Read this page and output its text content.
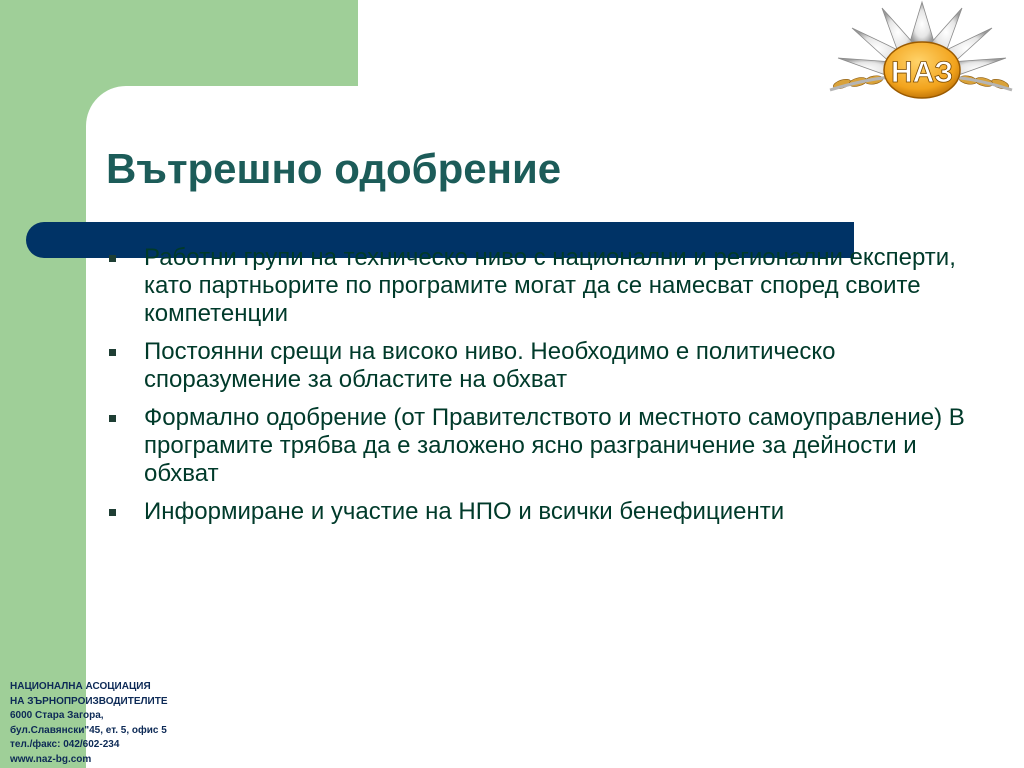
Вътрешно одобрение
Работни групи на техническо ниво с национални и регионални експерти, като партньорите по програмите могат да се намесват според своите компетенции
Постоянни срещи на високо ниво. Необходимо е политическо споразумение за областите на обхват
Формално одобрение (от Правителството и местното самоуправление) В програмите трябва да е заложено ясно разграничение за дейности и обхват
Информиране и участие на НПО и всички бенефициенти
НАЦИОНАЛНА АСОЦИАЦИЯ
НА ЗЪРНОПРОИЗВОДИТЕЛИТЕ
6000 Стара Загора,
бул.Славянски"45, ет. 5, офис 5
тел./факс: 042/602-234
www.naz-bg.com
НАЗ
